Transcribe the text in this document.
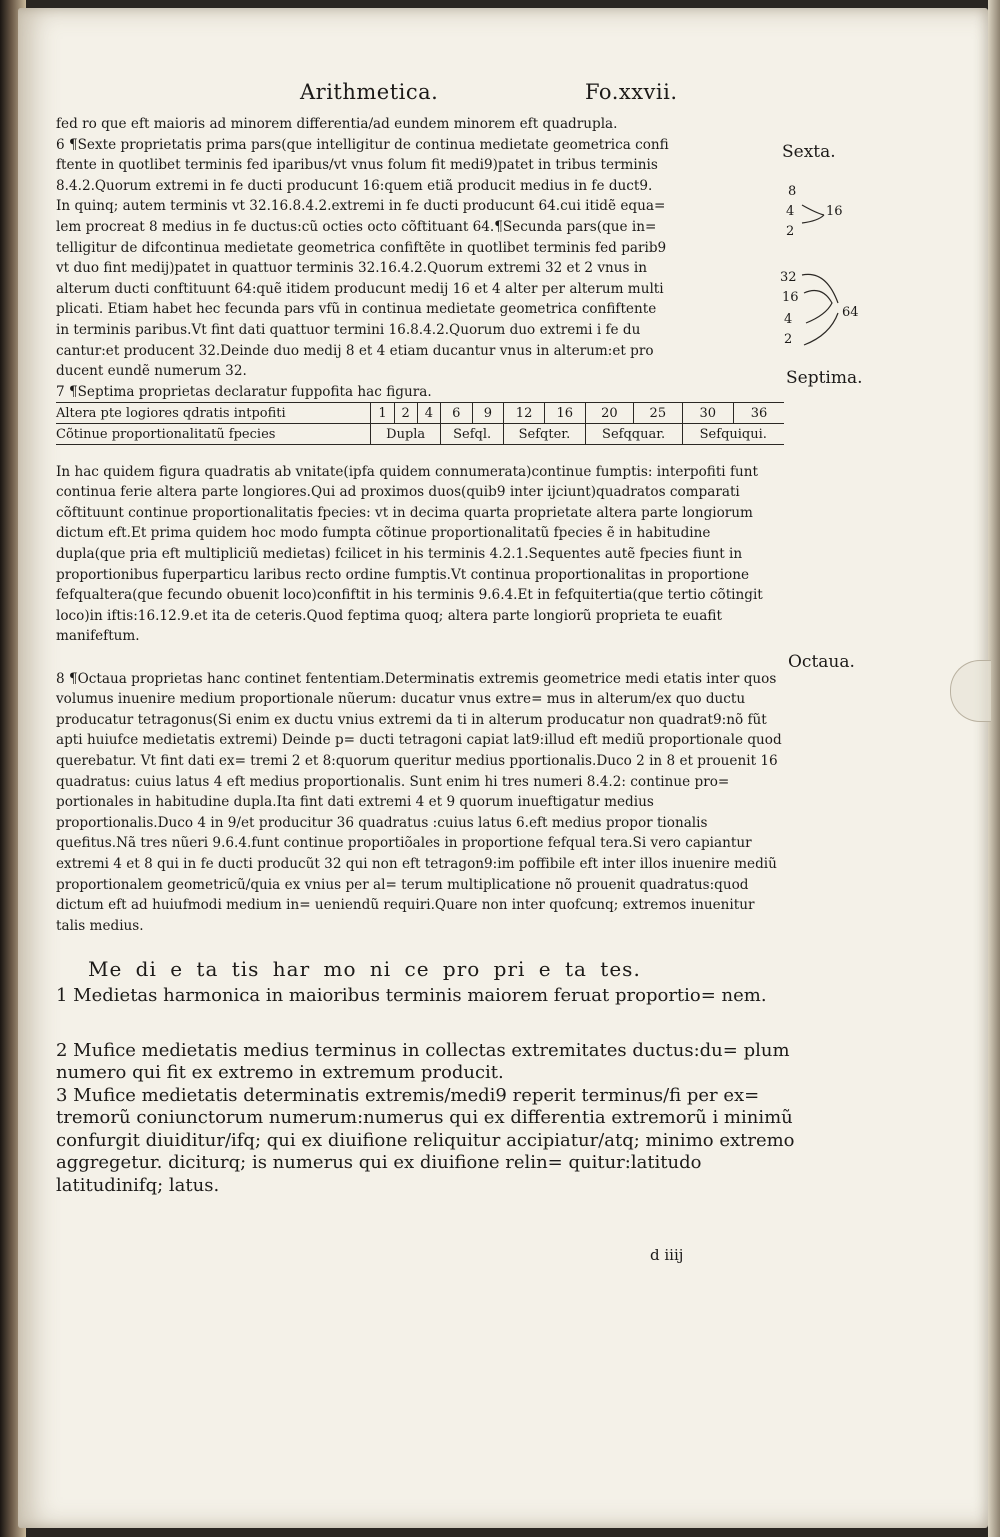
Arithmetica.	Fo.xxvii.

fed ro que eft maioris ad minorem differentia/ad eundem minorem eft quadrupla.

6 ¶Sexte proprietatis prima pars(que intelligitur de continua medietate geometrica confi

ftente in quotlibet terminis fed iparibus/vt vnus folum fit medi9)patet in tribus terminis

8.4.2.Quorum extremi in fe ducti producunt 16:quem etiã producit medius in fe duct9.

In quinq; autem terminis vt 32.16.8.4.2.extremi in fe ducti producunt 64.cui itidẽ equa=

lem procreat 8 medius in fe ductus:cũ octies octo cõftituant 64.¶Secunda pars(que in=

telligitur de difcontinua medietate geometrica confiftẽte in quotlibet terminis fed parib9

vt duo fint medij)patet in quattuor terminis 32.16.4.2.Quorum extremi 32 et 2 vnus in

alterum ducti conftituunt 64:quẽ itidem producunt medij 16 et 4 alter per alterum multi

plicati. Etiam habet hec fecunda pars vfũ in continua medietate geometrica confiftente

in terminis paribus.Vt fint dati quattuor termini 16.8.4.2.Quorum duo extremi i fe du

cantur:et producent 32.Deinde duo medij 8 et 4 etiam ducantur vnus in alterum:et pro

ducent eundẽ numerum 32.

7 ¶Septima proprietas declaratur fuppofita hac figura.

Altera pte logiores qdratis intpofiti	1	2	4	6	9	12	16	20	25	30	36
Cõtinue proportionalitatũ fpecies	Dupla			Sefql.		Sefqter.		Sefqquar.		Sefquiqui.	

In hac quidem figura quadratis ab vnitate(ipfa quidem connumerata)continue fumptis: interpofiti funt continua ferie altera parte longiores.Qui ad proximos duos(quib9 inter ijciunt)quadratos comparati cõftituunt continue proportionalitatis fpecies: vt in decima quarta proprietate altera parte longiorum dictum eft.Et prima quidem hoc modo fumpta cõtinue proportionalitatũ fpecies ẽ in habitudine dupla(que pria eft multipliciũ medietas) fcilicet in his terminis 4.2.1.Sequentes autẽ fpecies fiunt in proportionibus fuperparticu laribus recto ordine fumptis.Vt continua proportionalitas in proportione fefqualtera(que fecundo obuenit loco)confiftit in his terminis 9.6.4.Et in fefquitertia(que tertio cõtingit loco)in iftis:16.12.9.et ita de ceteris.Quod feptima quoq; altera parte longiorũ proprieta te euafit manifeftum.

8 ¶Octaua proprietas hanc continet fententiam.Determinatis extremis geometrice medi etatis inter quos volumus inuenire medium proportionale nũerum: ducatur vnus extre= mus in alterum/ex quo ductu producatur tetragonus(Si enim ex ductu vnius extremi da ti in alterum producatur non quadrat9:nõ fũt apti huiufce medietatis extremi) Deinde p= ducti tetragoni capiat lat9:illud eft mediũ proportionale quod querebatur. Vt fint dati ex= tremi 2 et 8:quorum queritur medius pportionalis.Duco 2 in 8 et prouenit 16 quadratus: cuius latus 4 eft medius proportionalis. Sunt enim hi tres numeri 8.4.2: continue pro= portionales in habitudine dupla.Ita fint dati extremi 4 et 9 quorum inueftigatur medius proportionalis.Duco 4 in 9/et producitur 36 quadratus :cuius latus 6.eft medius propor tionalis quefitus.Nã tres nũeri 9.6.4.funt continue proportiõales in proportione fefqual tera.Si vero capiantur extremi 4 et 8 qui in fe ducti producũt 32 qui non eft tetragon9:im poffibile eft inter illos inuenire mediũ proportionalem geometricũ/quia ex vnius per al= terum multiplicatione nõ prouenit quadratus:quod dictum eft ad huiufmodi medium in= ueniendũ requiri.Quare non inter quofcunq; extremos inuenitur talis medius.

Me di e ta tis har mo ni ce pro pri e ta tes.

1 Medietas harmonica in maioribus terminis maiorem feruat proportio= nem.

2 Mufice medietatis medius terminus in collectas extremitates ductus:du= plum numero qui fit ex extremo in extremum producit.

3 Mufice medietatis determinatis extremis/medi9 reperit terminus/fi per ex= tremorũ coniunctorum numerum:numerus qui ex differentia extremorũ i minimũ confurgit diuiditur/ifq; qui ex diuifione reliquitur accipiatur/atq; minimo extremo aggregetur. diciturq; is numerus qui ex diuifione relin= quitur:latitudo latitudinifq; latus.

d iiij
Sexta.
Septima.
Octaua.
8
4
2
16
32
16
4
2
64
